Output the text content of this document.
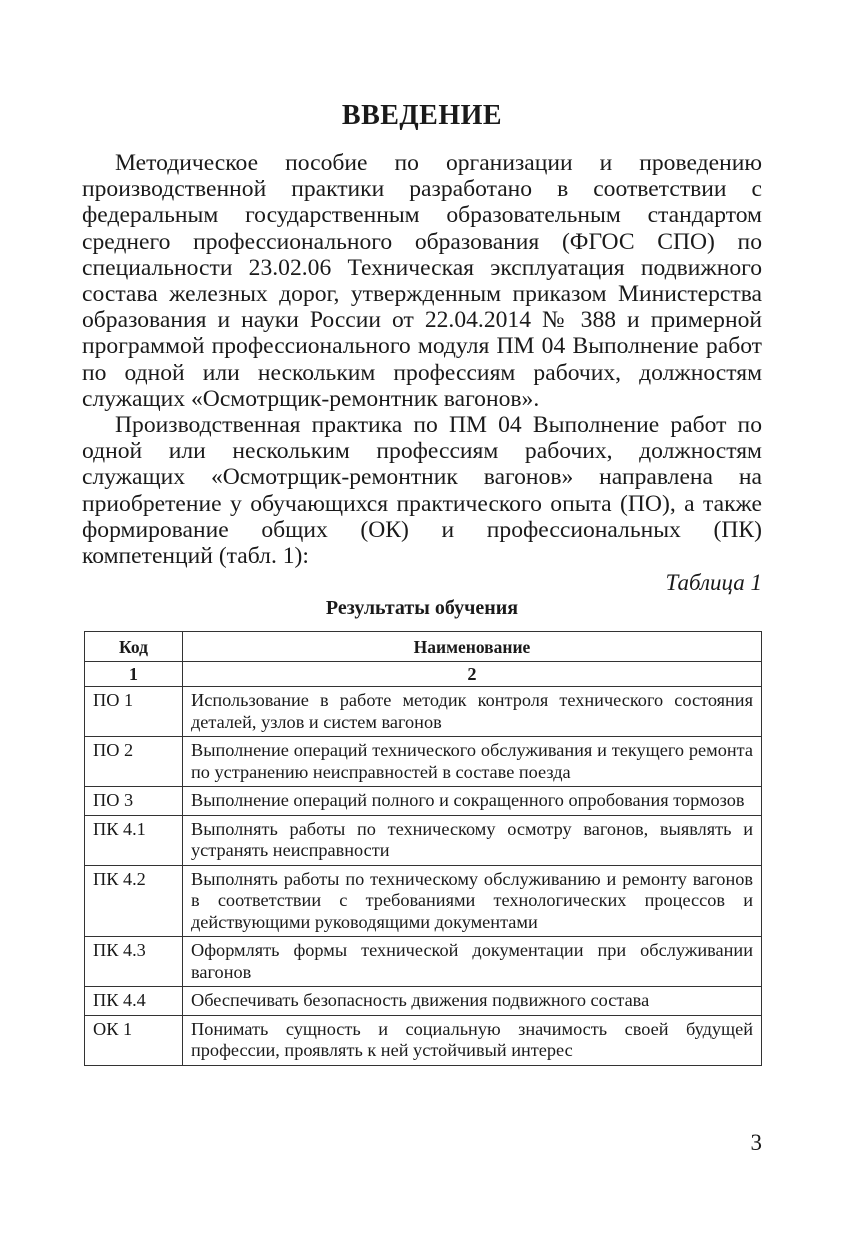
ВВЕДЕНИЕ

Методическое пособие по организации и проведению производственной практики разработано в соответствии с федеральным государственным образовательным стандартом среднего профессионального образования (ФГОС СПО) по специальности 23.02.06 Техническая эксплуатация подвижного состава железных дорог, утвержденным приказом Министерства образования и науки России от 22.04.2014 № 388 и примерной программой профессионального модуля ПМ 04 Выполнение работ по одной или нескольким профессиям рабочих, должностям служащих «Осмотрщик-ремонтник вагонов».

Производственная практика по ПМ 04 Выполнение работ по одной или нескольким профессиям рабочих, должностям служащих «Осмотрщик-ремонтник вагонов» направлена на приобретение у обучающихся практического опыта (ПО), а также формирование общих (ОК) и профессиональных (ПК) компетенций (табл. 1):

Таблица 1
Результаты обучения
Код	Наименование
1	2
ПО 1	Использование в работе методик контроля технического состояния деталей, узлов и систем вагонов
ПО 2	Выполнение операций технического обслуживания и текущего ремонта по устранению неисправностей в составе поезда
ПО 3	Выполнение операций полного и сокращенного опробования тормозов
ПК 4.1	Выполнять работы по техническому осмотру вагонов, выявлять и устранять неисправности
ПК 4.2	Выполнять работы по техническому обслуживанию и ремонту вагонов в соответствии с требованиями технологических процессов и действующими руководящими документами
ПК 4.3	Оформлять формы технической документации при обслуживании вагонов
ПК 4.4	Обеспечивать безопасность движения подвижного состава
ОК 1	Понимать сущность и социальную значимость своей будущей профессии, проявлять к ней устойчивый интерес
3
